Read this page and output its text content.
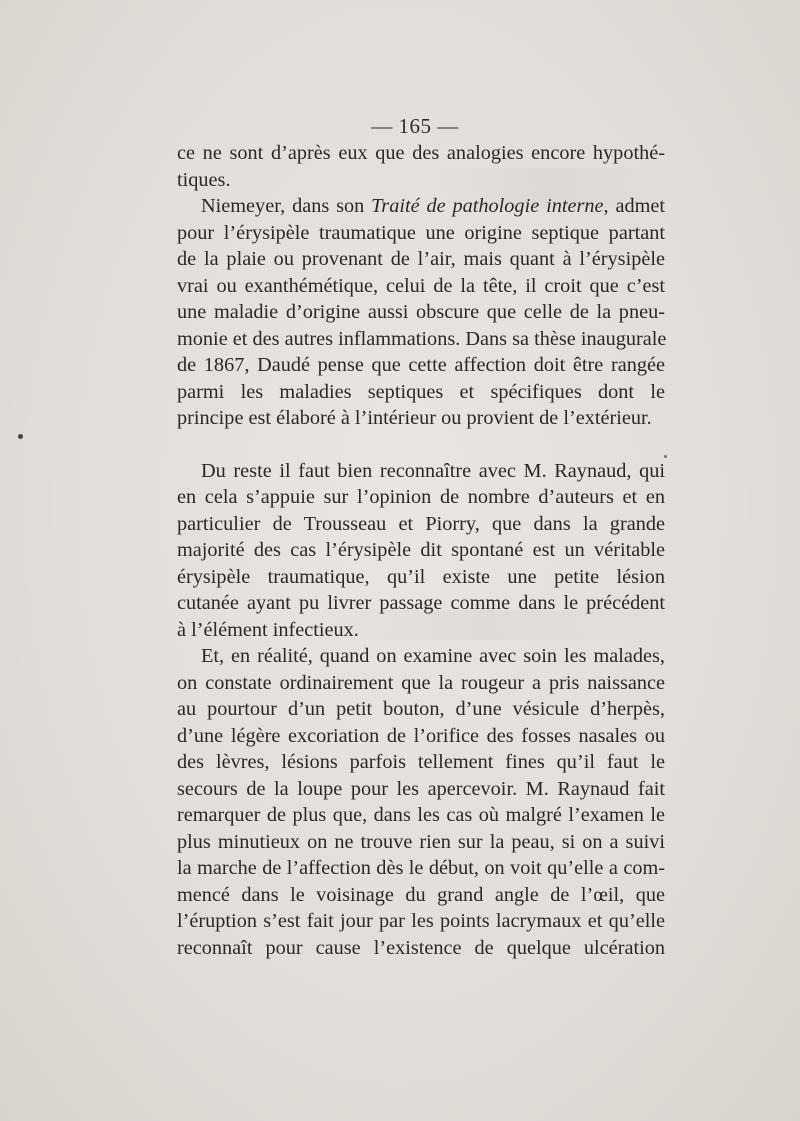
— 165 —
ce ne sont d’après eux que des analogies encore hypothé-
tiques.
Niemeyer, dans son Traité de pathologie interne, admet
pour l’érysipèle traumatique une origine septique partant
de la plaie ou provenant de l’air, mais quant à l’érysipèle
vrai ou exanthémétique, celui de la tête, il croit que c’est
une maladie d’origine aussi obscure que celle de la pneu-
monie et des autres inflammations. Dans sa thèse inaugurale
de 1867, Daudé pense que cette affection doit être rangée
parmi les maladies septiques et spécifiques dont le
principe est élaboré à l’intérieur ou provient de l’extérieur.
Du reste il faut bien reconnaître avec M. Raynaud, qui
en cela s’appuie sur l’opinion de nombre d’auteurs et en
particulier de Trousseau et Piorry, que dans la grande
majorité des cas l’érysipèle dit spontané est un véritable
érysipèle traumatique, qu’il existe une petite lésion
cutanée ayant pu livrer passage comme dans le précédent
à l’élément infectieux.
Et, en réalité, quand on examine avec soin les malades,
on constate ordinairement que la rougeur a pris naissance
au pourtour d’un petit bouton, d’une vésicule d’herpès,
d’une légère excoriation de l’orifice des fosses nasales ou
des lèvres, lésions parfois tellement fines qu’il faut le
secours de la loupe pour les apercevoir. M. Raynaud fait
remarquer de plus que, dans les cas où malgré l’examen le
plus minutieux on ne trouve rien sur la peau, si on a suivi
la marche de l’affection dès le début, on voit qu’elle a com-
mencé dans le voisinage du grand angle de l’œil, que
l’éruption s’est fait jour par les points lacrymaux et qu’elle
reconnaît pour cause l’existence de quelque ulcération
